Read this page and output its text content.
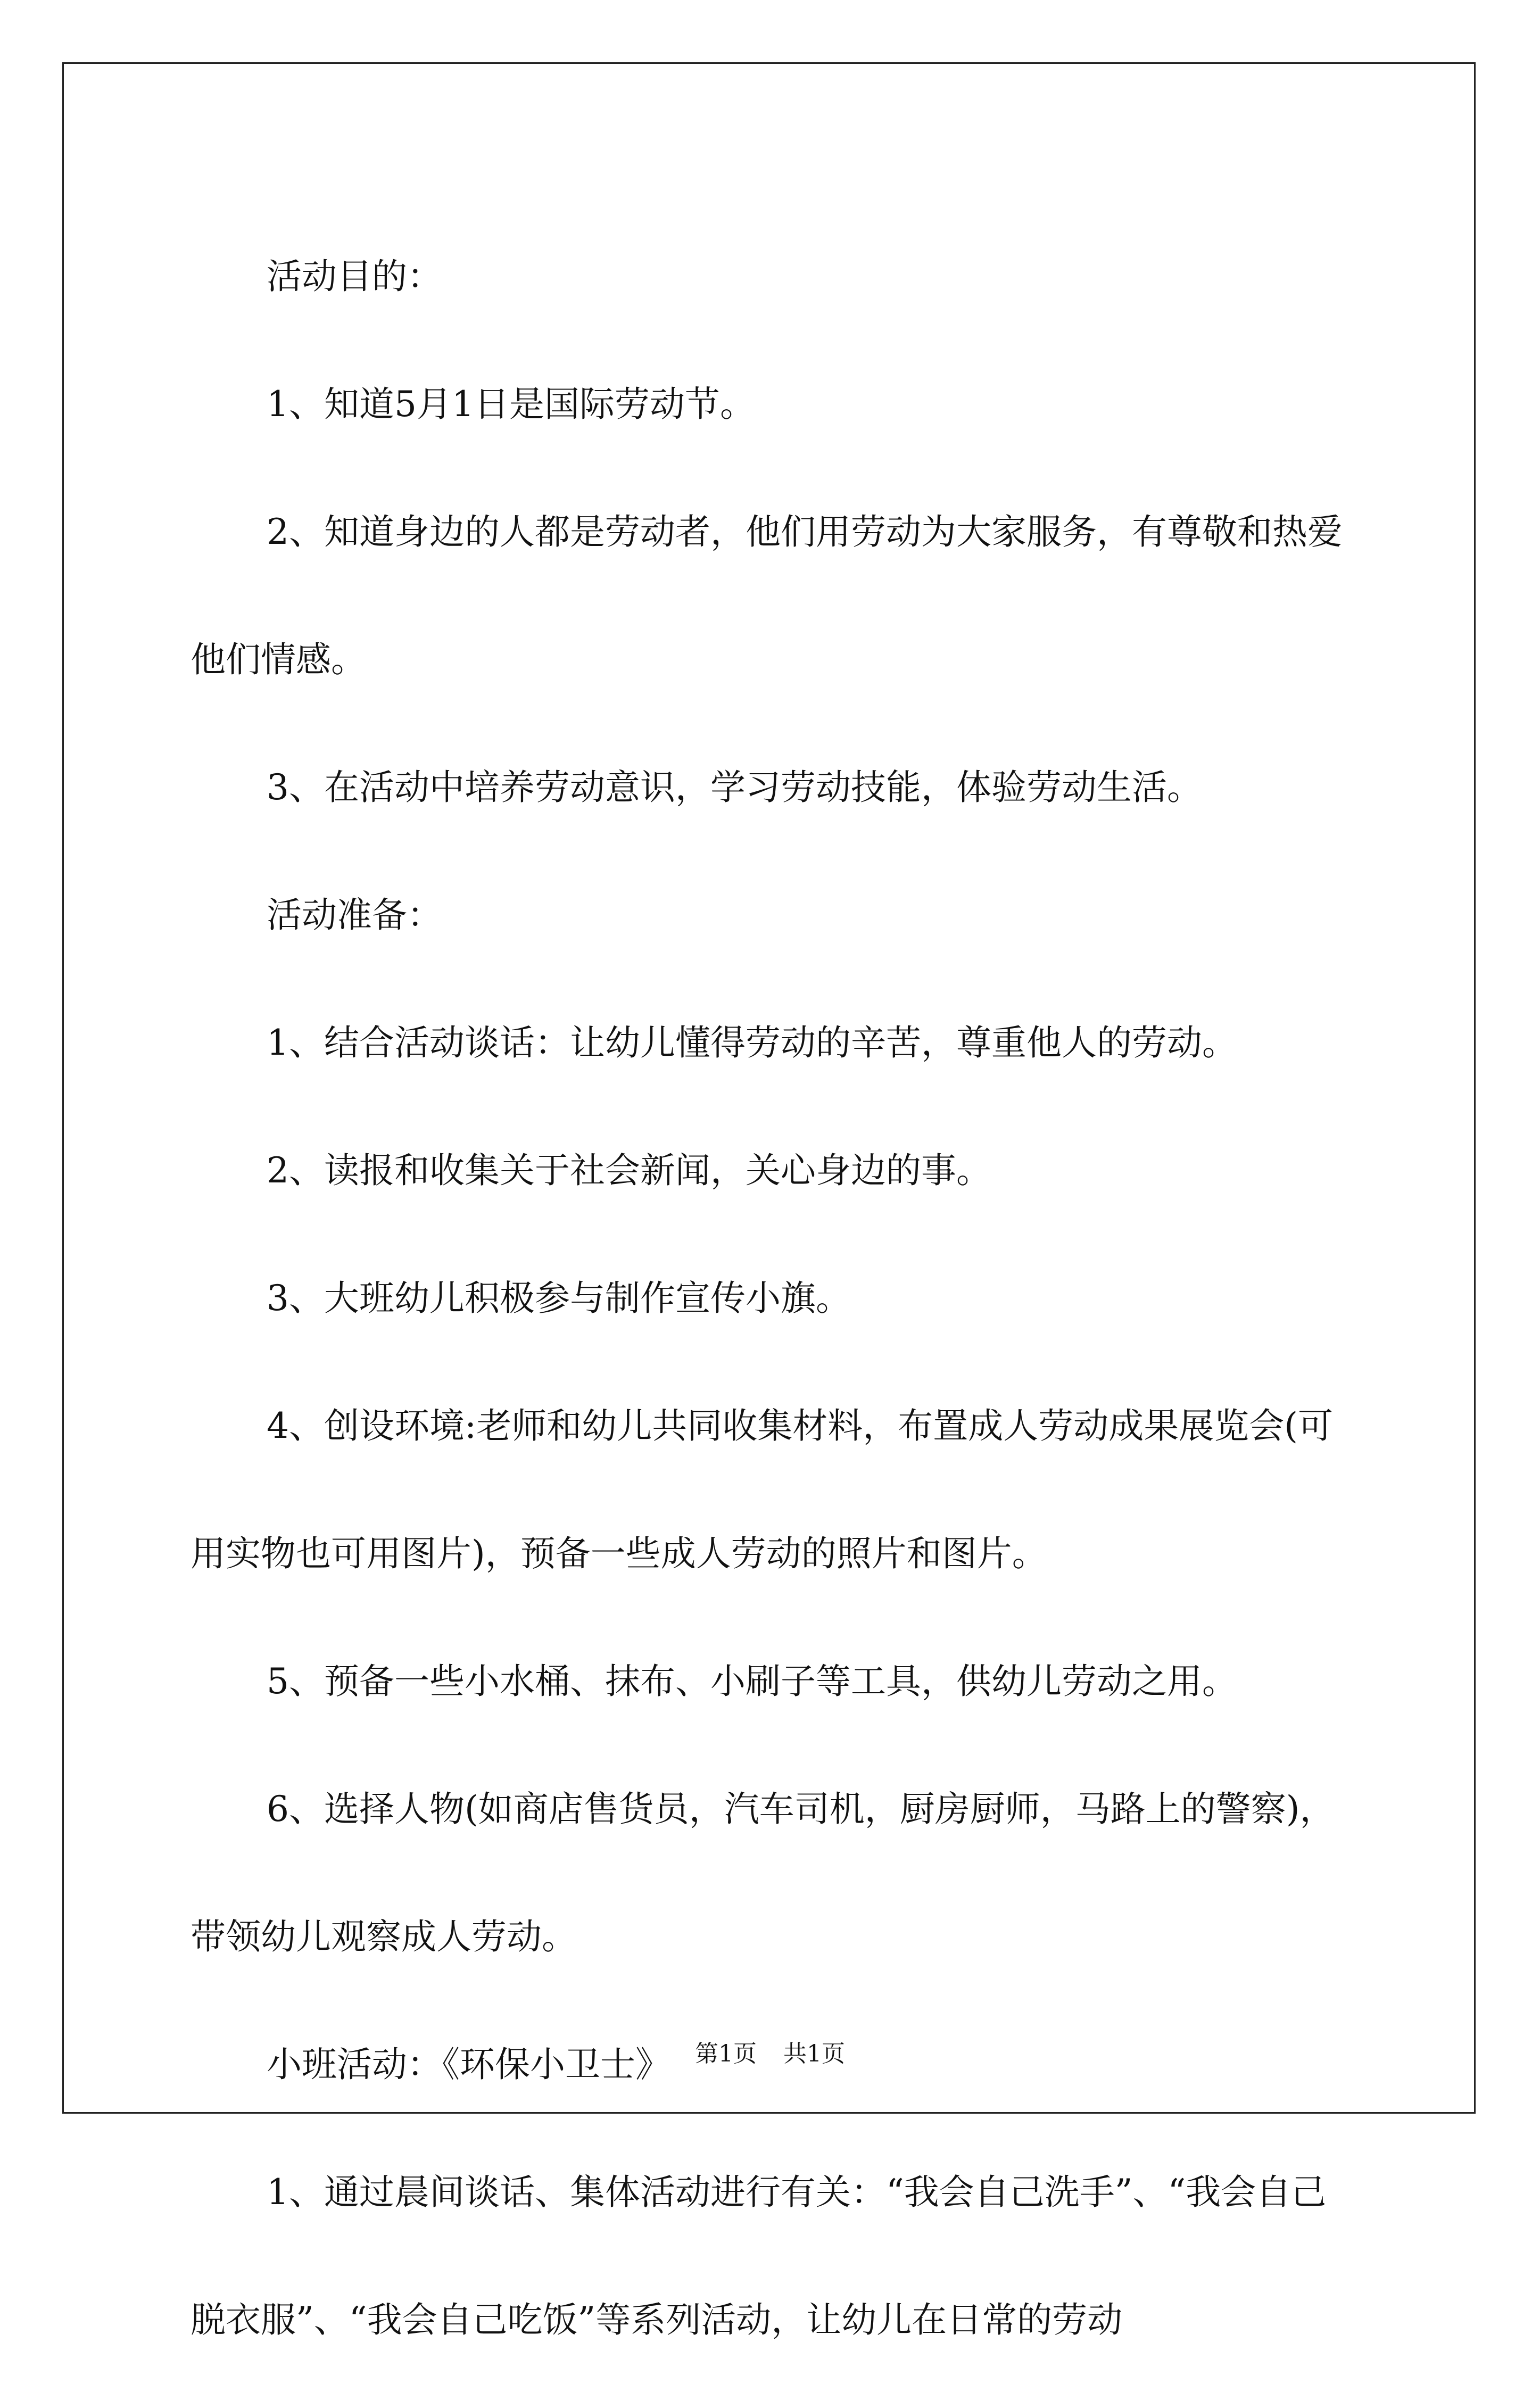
活动目的：

1、知道5月1日是国际劳动节。

2、知道身边的人都是劳动者，他们用劳动为大家服务，有尊敬和热爱他们情感。

3、在活动中培养劳动意识，学习劳动技能，体验劳动生活。

活动准备：

1、结合活动谈话：让幼儿懂得劳动的辛苦，尊重他人的劳动。

2、读报和收集关于社会新闻，关心身边的事。

3、大班幼儿积极参与制作宣传小旗。

4、创设环境:老师和幼儿共同收集材料，布置成人劳动成果展览会(可用实物也可用图片)，预备一些成人劳动的照片和图片。

5、预备一些小水桶、抹布、小刷子等工具，供幼儿劳动之用。

6、选择人物(如商店售货员，汽车司机，厨房厨师，马路上的警察)，带领幼儿观察成人劳动。

小班活动：《环保小卫士》

1、通过晨间谈话、集体活动进行有关：“我会自己洗手”、“我会自己脱衣服”、“我会自己吃饭”等系列活动，让幼儿在日常的劳动

第1页 共1页
